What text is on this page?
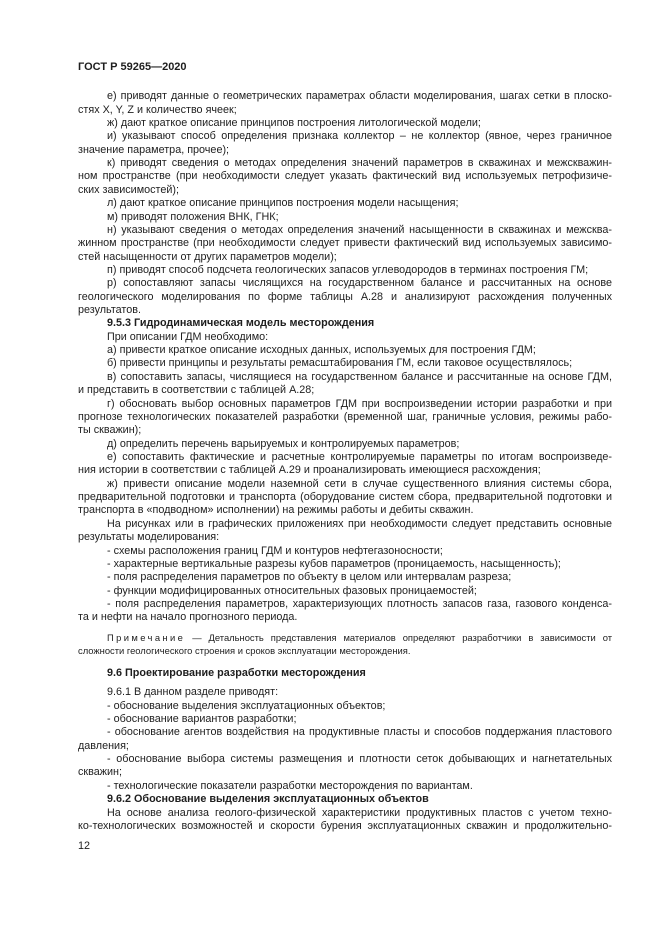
ГОСТ Р 59265—2020
е) приводят данные о геометрических параметрах области моделирования, шагах сетки в плоско-
стях X, Y, Z и количество ячеек;
ж) дают краткое описание принципов построения литологической модели;
и) указывают способ определения признака коллектор – не коллектор (явное, через граничное
значение параметра, прочее);
к) приводят сведения о методах определения значений параметров в скважинах и межскважин-
ном пространстве (при необходимости следует указать фактический вид используемых петрофизиче-
ских зависимостей);
л) дают краткое описание принципов построения модели насыщения;
м) приводят положения ВНК, ГНК;
н) указывают сведения о методах определения значений насыщенности в скважинах и межсква-
жинном пространстве (при необходимости следует привести фактический вид используемых зависимо-
стей насыщенности от других параметров модели);
п) приводят способ подсчета геологических запасов углеводородов в терминах построения ГМ;
р) сопоставляют запасы числящихся на государственном балансе и рассчитанных на основе
геологического моделирования по форме таблицы А.28 и анализируют расхождения полученных
результатов.
9.5.3 Гидродинамическая модель месторождения
При описании ГДМ необходимо:
а) привести краткое описание исходных данных, используемых для построения ГДМ;
б) привести принципы и результаты ремасштабирования ГМ, если таковое осуществлялось;
в) сопоставить запасы, числящиеся на государственном балансе и рассчитанные на основе ГДМ,
и представить в соответствии с таблицей А.28;
г) обосновать выбор основных параметров ГДМ при воспроизведении истории разработки и при
прогнозе технологических показателей разработки (временной шаг, граничные условия, режимы рабо-
ты скважин);
д) определить перечень варьируемых и контролируемых параметров;
е) сопоставить фактические и расчетные контролируемые параметры по итогам воспроизведе-
ния истории в соответствии с таблицей А.29 и проанализировать имеющиеся расхождения;
ж) привести описание модели наземной сети в случае существенного влияния системы сбора,
предварительной подготовки и транспорта (оборудование систем сбора, предварительной подготовки и
транспорта в «подводном» исполнении) на режимы работы и дебиты скважин.
На рисунках или в графических приложениях при необходимости следует представить основные
результаты моделирования:
- схемы расположения границ ГДМ и контуров нефтегазоносности;
- характерные вертикальные разрезы кубов параметров (проницаемость, насыщенность);
- поля распределения параметров по объекту в целом или интервалам разреза;
- функции модифицированных относительных фазовых проницаемостей;
- поля распределения параметров, характеризующих плотность запасов газа, газового конденса-
та и нефти на начало прогнозного периода.
Примечание — Детальность представления материалов определяют разработчики в зависимости от
сложности геологического строения и сроков эксплуатации месторождения.
9.6 Проектирование разработки месторождения
9.6.1 В данном разделе приводят:
- обоснование выделения эксплуатационных объектов;
- обоснование вариантов разработки;
- обоснование агентов воздействия на продуктивные пласты и способов поддержания пластового
давления;
- обоснование выбора системы размещения и плотности сеток добывающих и нагнетательных
скважин;
- технологические показатели разработки месторождения по вариантам.
9.6.2 Обоснование выделения эксплуатационных объектов
На основе анализа геолого-физической характеристики продуктивных пластов с учетом техно-
ко-технологических возможностей и скорости бурения эксплуатационных скважин и продолжительно-
12
